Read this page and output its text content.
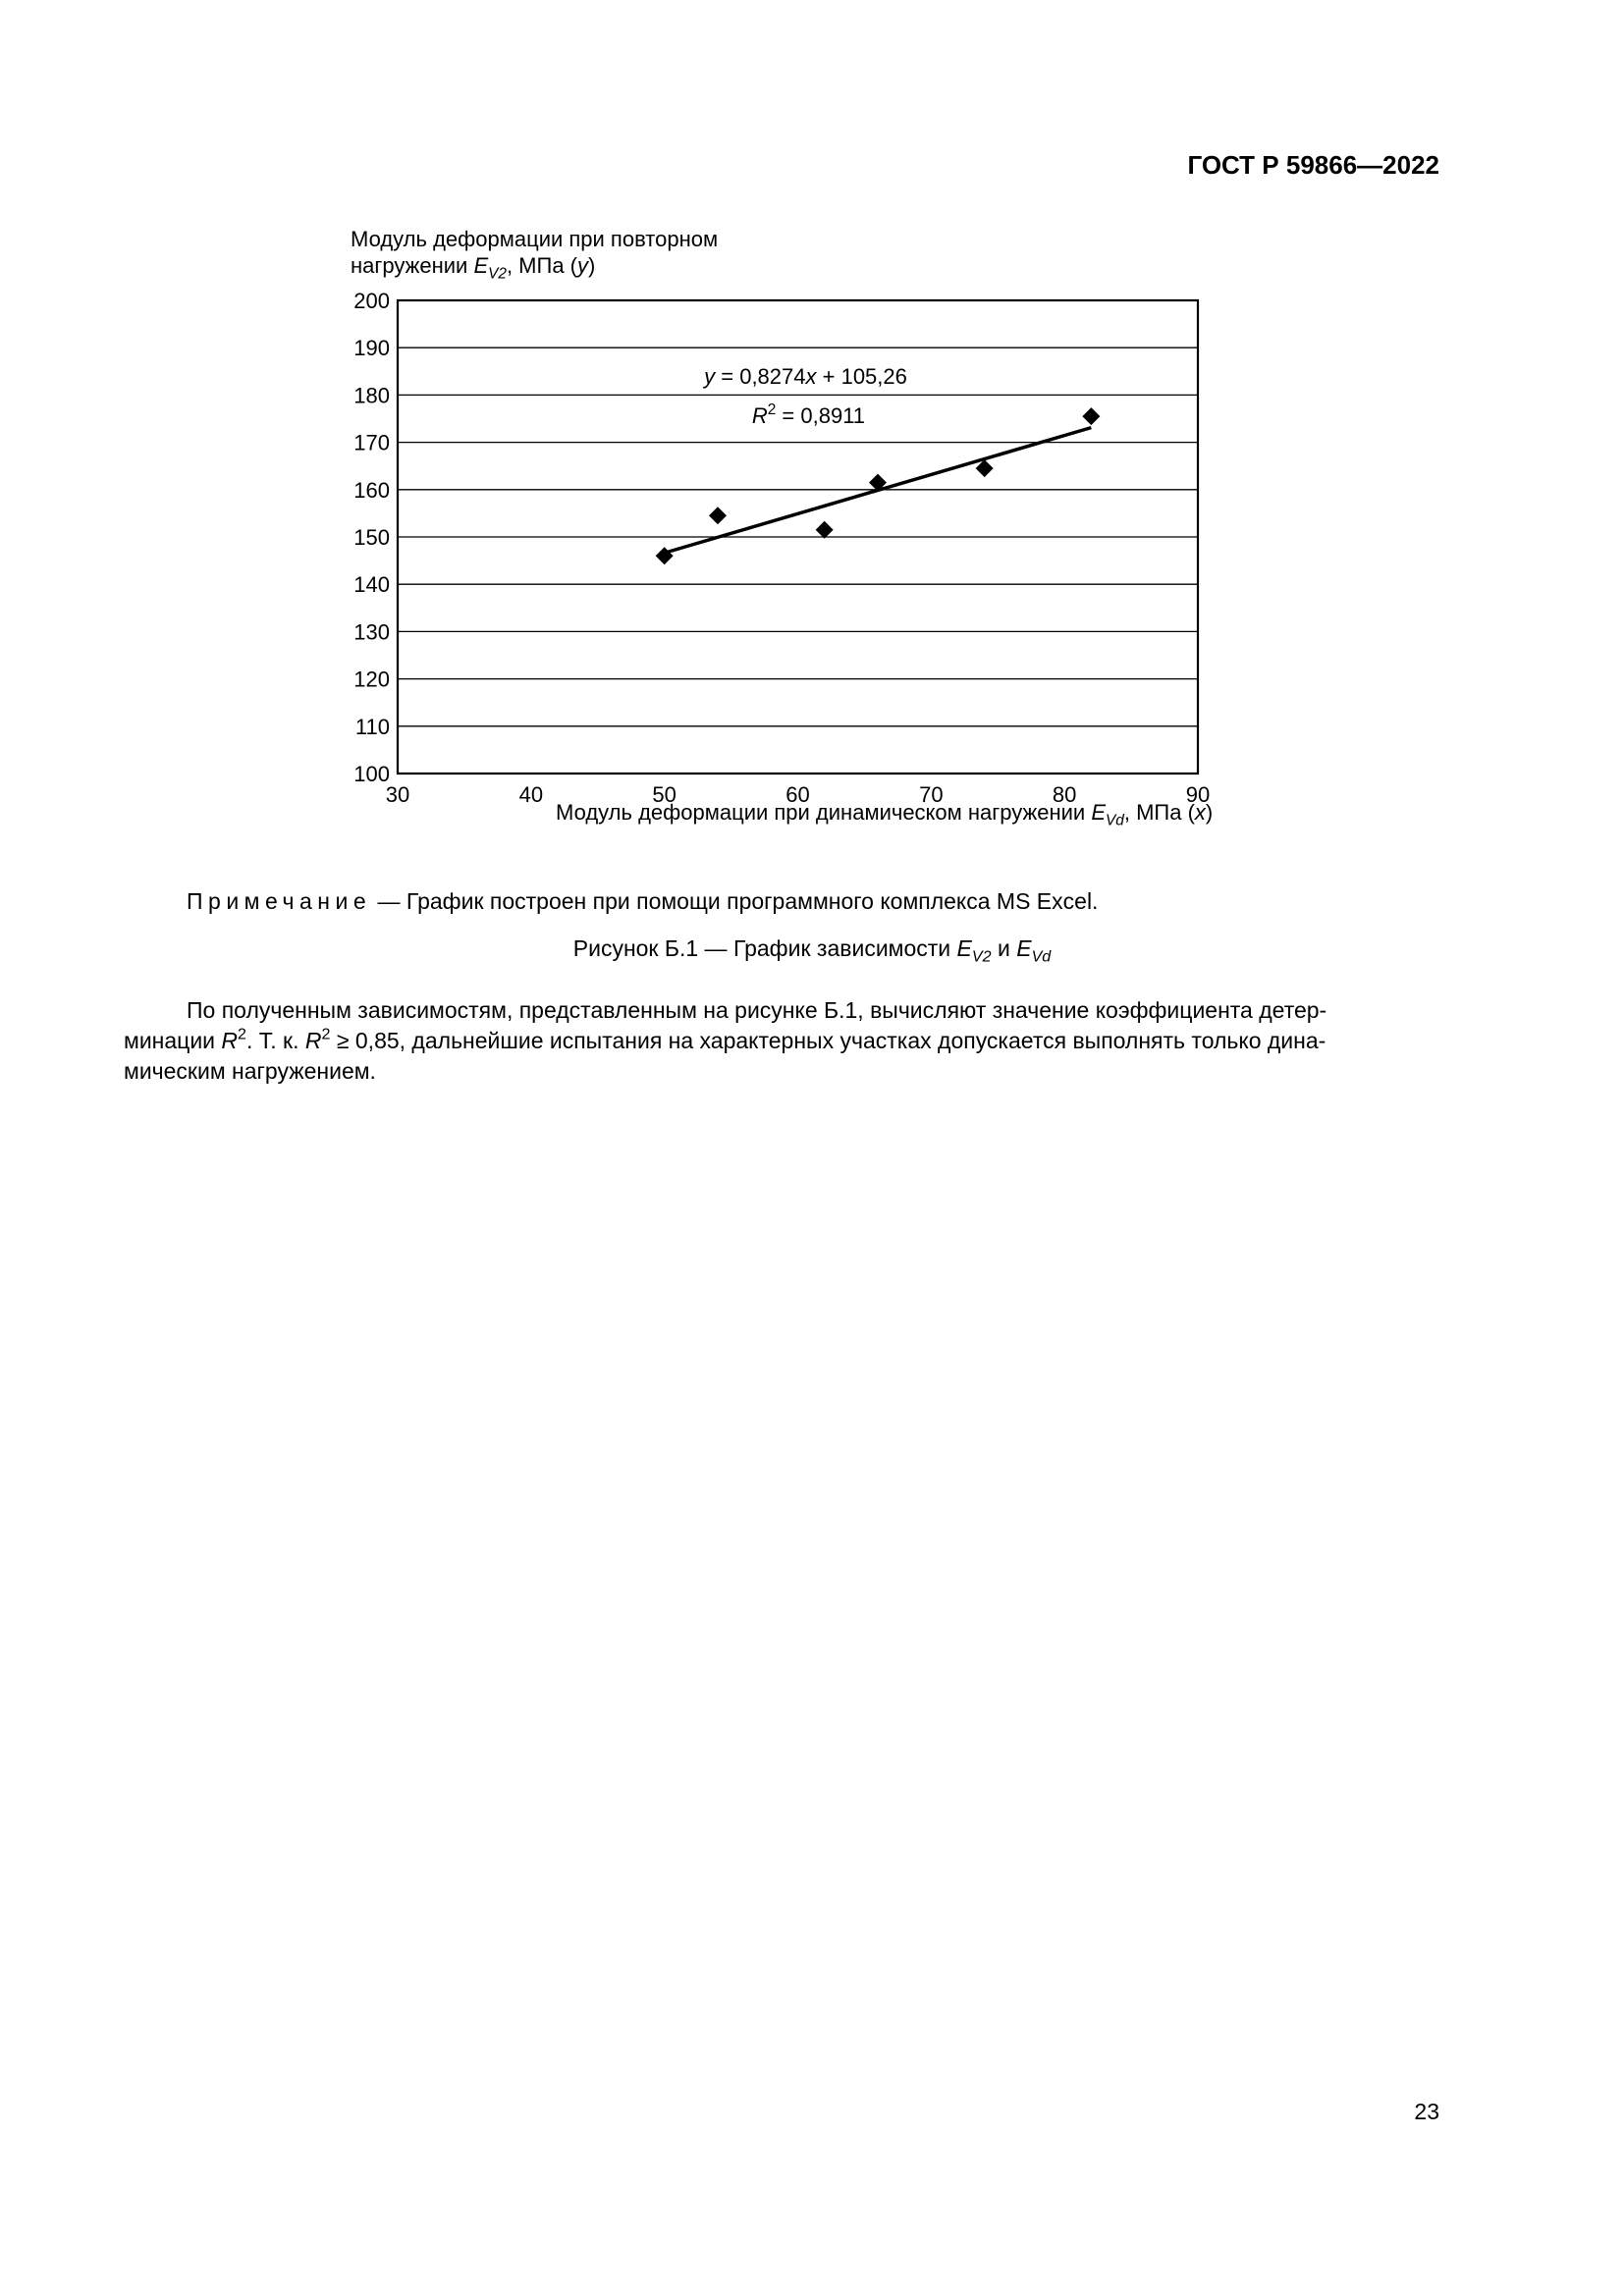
ГОСТ Р 59866—2022
Модуль деформации при повторном
нагружении $E_{V2}$, МПа (y)
100
110
120
130
140
150
160
170
180
190
200
30	40	50	60	70	80	90
Модуль деформации при динамическом нагружении $E_{Vd}$, МПа (x)
y = 0,8274x + 105,26
$R^2 = 0,8911$
Примечание — График построен при помощи программного комплекса MS Excel.
Рисунок Б.1 — График зависимости $E_{V2}$ и $E_{Vd}$

По полученным зависимостям, представленным на рисунке Б.1, вычисляют значение коэффициента детер-

минации $R^2$. Т. к. $R^2 \ge 0,85$, дальнейшие испытания на характерных участках допускается выполнять только дина-

мическим нагружением.

23
